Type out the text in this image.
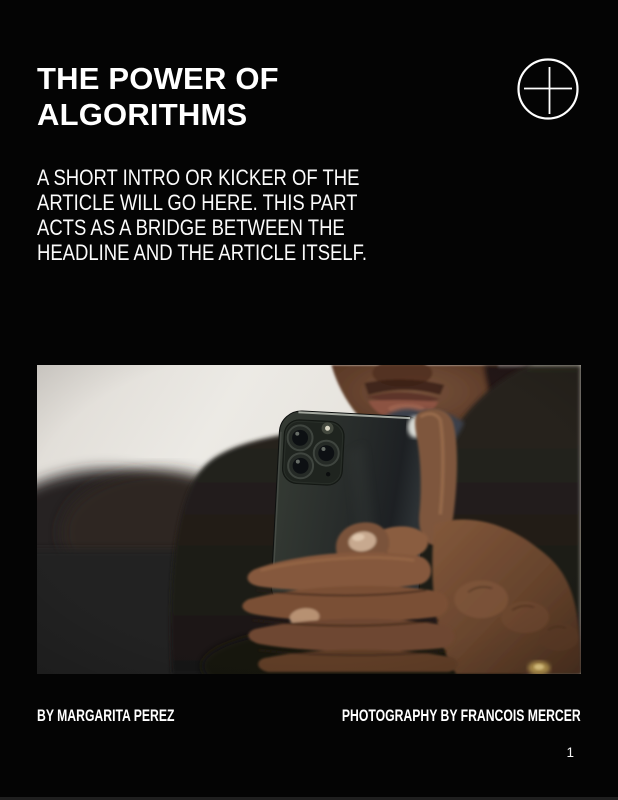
THE POWER OF
ALGORITHMS

A SHORT INTRO OR KICKER OF THE
ARTICLE WILL GO HERE. THIS PART
ACTS AS A BRIDGE BETWEEN THE
HEADLINE AND THE ARTICLE ITSELF.

BY MARGARITA PEREZ	PHOTOGRAPHY BY FRANCOIS MERCER
1
